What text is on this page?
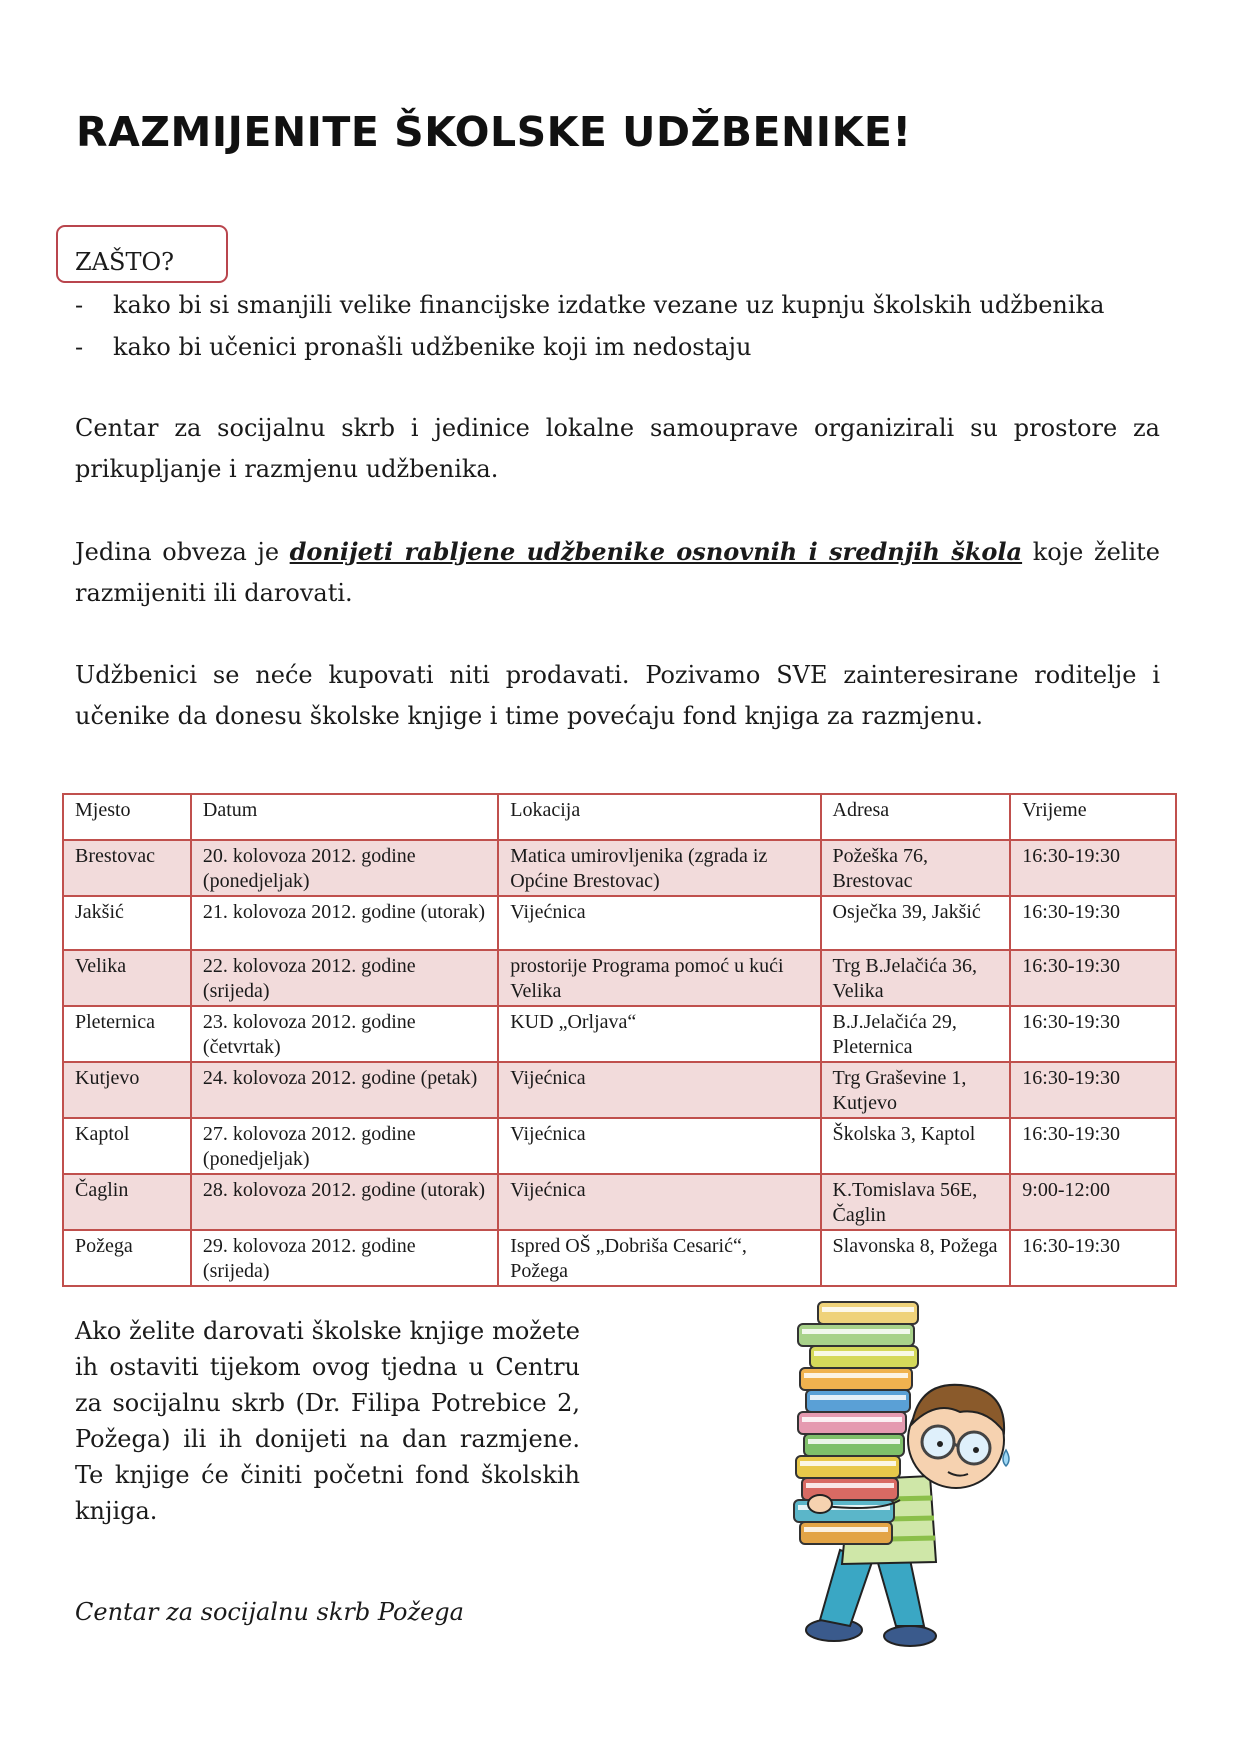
RAZMIJENITE ŠKOLSKE UDŽBENIKE!
ZAŠTO?
- kako bi si smanjili velike financijske izdatke vezane uz kupnju školskih udžbenika
- kako bi učenici pronašli udžbenike koji im nedostaju

Centar za socijalnu skrb i jedinice lokalne samouprave organizirali su prostore za prikupljanje i razmjenu udžbenika.

Jedina obveza je donijeti rabljene udžbenike osnovnih i srednjih škola koje želite razmijeniti ili darovati.

Udžbenici se neće kupovati niti prodavati. Pozivamo SVE zainteresirane roditelje i učenike da donesu školske knjige i time povećaju fond knjiga za razmjenu.

Mjesto	Datum	Lokacija	Adresa	Vrijeme
Brestovac	20. kolovoza 2012. godine (ponedjeljak)	Matica umirovljenika (zgrada iz Općine Brestovac)	Požeška 76, Brestovac	16:30-19:30
Jakšić	21. kolovoza 2012. godine (utorak)	Vijećnica	Osječka 39, Jakšić	16:30-19:30
Velika	22. kolovoza 2012. godine (srijeda)	prostorije Programa pomoć u kući Velika	Trg B.Jelačića 36, Velika	16:30-19:30
Pleternica	23. kolovoza 2012. godine (četvrtak)	KUD „Orljava“	B.J.Jelačića 29, Pleternica	16:30-19:30
Kutjevo	24. kolovoza 2012. godine (petak)	Vijećnica	Trg Graševine 1, Kutjevo	16:30-19:30
Kaptol	27. kolovoza 2012. godine (ponedjeljak)	Vijećnica	Školska 3, Kaptol	16:30-19:30
Čaglin	28. kolovoza 2012. godine (utorak)	Vijećnica	K.Tomislava 56E, Čaglin	9:00-12:00
Požega	29. kolovoza 2012. godine (srijeda)	Ispred OŠ „Dobriša Cesarić“, Požega	Slavonska 8, Požega	16:30-19:30

Ako želite darovati školske knjige možete ih ostaviti tijekom ovog tjedna u Centru za socijalnu skrb (Dr. Filipa Potrebice 2, Požega) ili ih donijeti na dan razmjene. Te knjige će činiti početni fond školskih knjiga.

Centar za socijalnu skrb Požega
